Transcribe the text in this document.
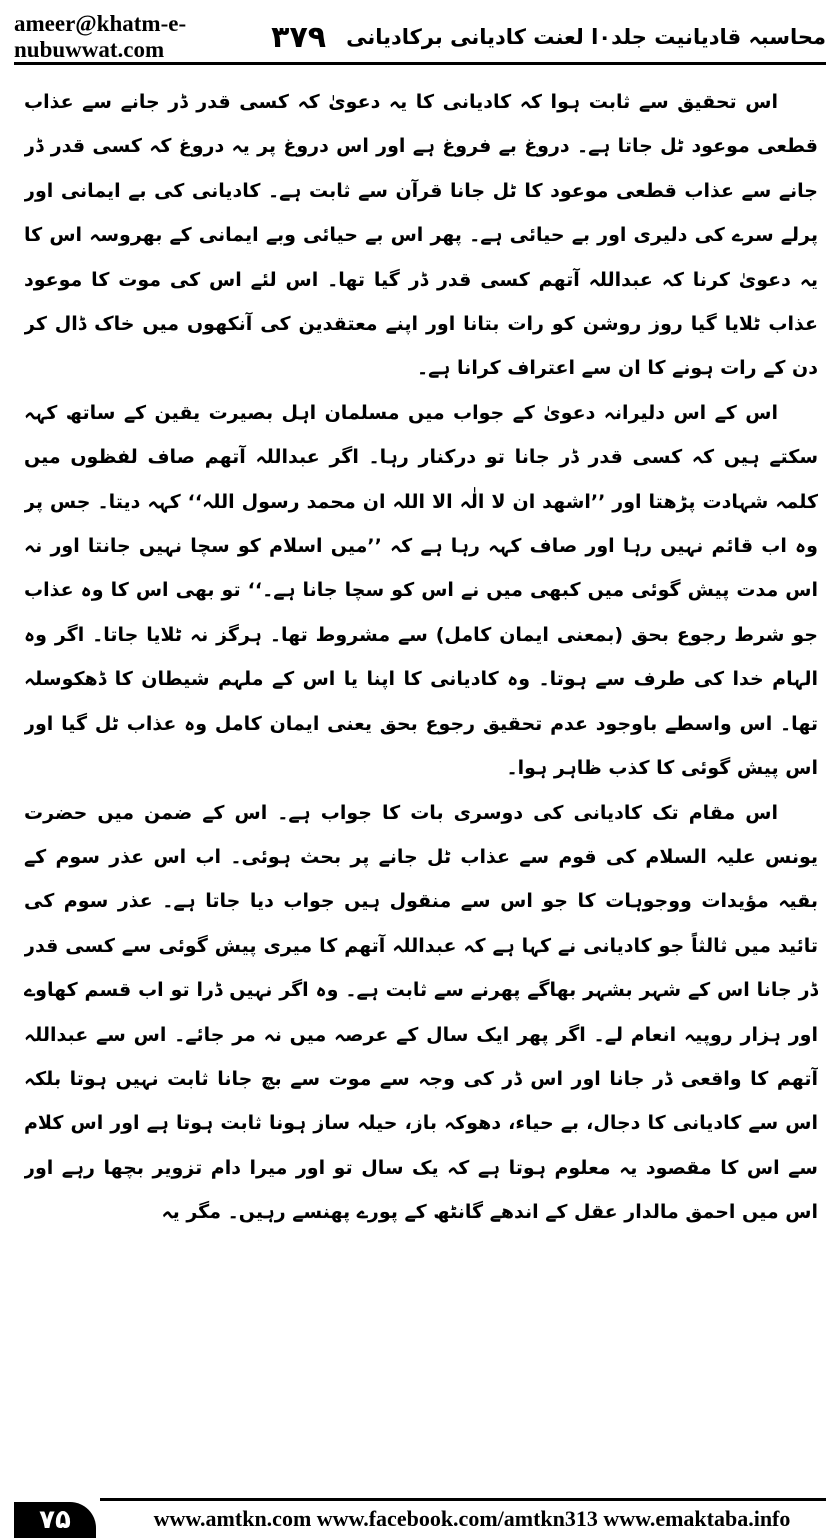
ameer@khatm-e-nubuwwat.com	محاسبہ قادیانیت جلد۰ا لعنت کادیانی برکادیانی
۳۷۹

اس تحقیق سے ثابت ہوا کہ کادیانی کا یہ دعویٰ کہ کسی قدر ڈر جانے سے عذاب قطعی موعود ٹل جاتا ہے۔ دروغ بے فروغ ہے اور اس دروغ پر یہ دروغ کہ کسی قدر ڈر جانے سے عذاب قطعی موعود کا ٹل جانا قرآن سے ثابت ہے۔ کادیانی کی بے ایمانی اور پرلے سرے کی دلیری اور بے حیائی ہے۔ پھر اس بے حیائی وبے ایمانی کے بھروسہ اس کا یہ دعویٰ کرنا کہ عبداللہ آتھم کسی قدر ڈر گیا تھا۔ اس لئے اس کی موت کا موعود عذاب ٹلایا گیا روز روشن کو رات بتانا اور اپنے معتقدین کی آنکھوں میں خاک ڈال کر دن کے رات ہونے کا ان سے اعتراف کرانا ہے۔

اس کے اس دلیرانہ دعویٰ کے جواب میں مسلمان اہل بصیرت یقین کے ساتھ کہہ سکتے ہیں کہ کسی قدر ڈر جانا تو درکنار رہا۔ اگر عبداللہ آتھم صاف لفظوں میں کلمہ شہادت پڑھتا اور ’’اشھد ان لا الٰہ الا اللہ ان محمد رسول اللہ‘‘ کہہ دیتا۔ جس پر وہ اب قائم نہیں رہا اور صاف کہہ رہا ہے کہ ’’میں اسلام کو سچا نہیں جانتا اور نہ اس مدت پیش گوئی میں کبھی میں نے اس کو سچا جانا ہے۔‘‘ تو بھی اس کا وہ عذاب جو شرط رجوع بحق (بمعنی ایمان کامل) سے مشروط تھا۔ ہرگز نہ ٹلایا جاتا۔ اگر وہ الہام خدا کی طرف سے ہوتا۔ وہ کادیانی کا اپنا یا اس کے ملہم شیطان کا ڈھکوسلہ تھا۔ اس واسطے باوجود عدم تحقیق رجوع بحق یعنی ایمان کامل وہ عذاب ٹل گیا اور اس پیش گوئی کا کذب ظاہر ہوا۔

اس مقام تک کادیانی کی دوسری بات کا جواب ہے۔ اس کے ضمن میں حضرت یونس علیہ السلام کی قوم سے عذاب ٹل جانے پر بحث ہوئی۔ اب اس عذر سوم کے بقیہ مؤیدات ووجوہات کا جو اس سے منقول ہیں جواب دیا جاتا ہے۔ عذر سوم کی تائید میں ثالثاً جو کادیانی نے کہا ہے کہ عبداللہ آتھم کا میری پیش گوئی سے کسی قدر ڈر جانا اس کے شہر بشہر بھاگے پھرنے سے ثابت ہے۔ وہ اگر نہیں ڈرا تو اب قسم کھاوے اور ہزار روپیہ انعام لے۔ اگر پھر ایک سال کے عرصہ میں نہ مر جائے۔ اس سے عبداللہ آتھم کا واقعی ڈر جانا اور اس ڈر کی وجہ سے موت سے بچ جانا ثابت نہیں ہوتا بلکہ اس سے کادیانی کا دجال، بے حیاء، دھوکہ باز، حیلہ ساز ہونا ثابت ہوتا ہے اور اس کلام سے اس کا مقصود یہ معلوم ہوتا ہے کہ یک سال تو اور میرا دام تزویر بچھا رہے اور اس میں احمق مالدار عقل کے اندھے گانٹھ کے پورے پھنسے رہیں۔ مگر یہ

۷۵	www.amtkn.com www.facebook.com/amtkn313 www.emaktaba.info
